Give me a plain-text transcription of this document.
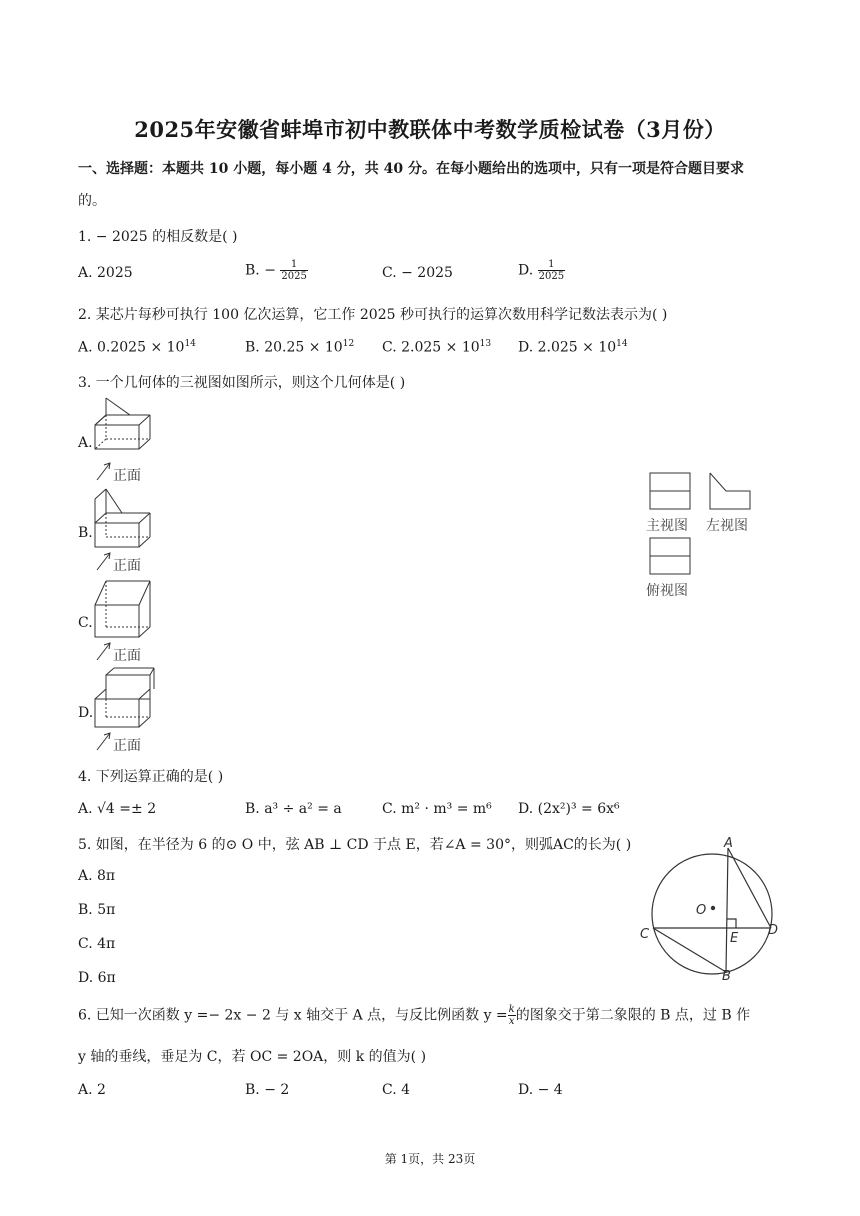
2025年安徽省蚌埠市初中教联体中考数学质检试卷（3月份）
一、选择题：本题共 10 小题，每小题 4 分，共 40 分。在每小题给出的选项中，只有一项是符合题目要求
的。
1. − 2025 的相反数是( )
A. 2025	B. − $\frac{1}{2025}$	C. − 2025	D. $\frac{1}{2025}$
2. 某芯片每秒可执行 100 亿次运算，它工作 2025 秒可执行的运算次数用科学记数法表示为( )
A. $0.2025 \times 10^{14}$	B. $20.25 \times 10^{12}$ C. $2.025 \times 10^{13}$ D. $2.025 \times 10^{14}$
3. 一个几何体的三视图如图所示，则这个几何体是( )
A.
B.
C.
D.
正面
正面
正面
正面
主视图 左视图
俯视图
4. 下列运算正确的是( )
A. √4 =± 2	B. a³ ÷ a² = a	C. m² · m³ = m⁶ D. (2x²)³ = 6x⁶
5. 如图，在半径为 6 的⊙ O 中，弦 AB ⊥ CD 于点 E，若∠A = 30°，则弧AC的长为( )
A. 8π
B. 5π
C. 4π
D. 6π
A
B
C	D
E
O
6. 已知一次函数 y =− 2x − 2 与 x 轴交于 A 点，与反比例函数 $y = \frac{k}{x}$ 的图象交于第二象限的 B 点，过 B 作
y 轴的垂线，垂足为 C，若 OC = 2OA，则 k 的值为( )
A. 2	B. − 2	C. 4	D. − 4
第 1页，共 23页
